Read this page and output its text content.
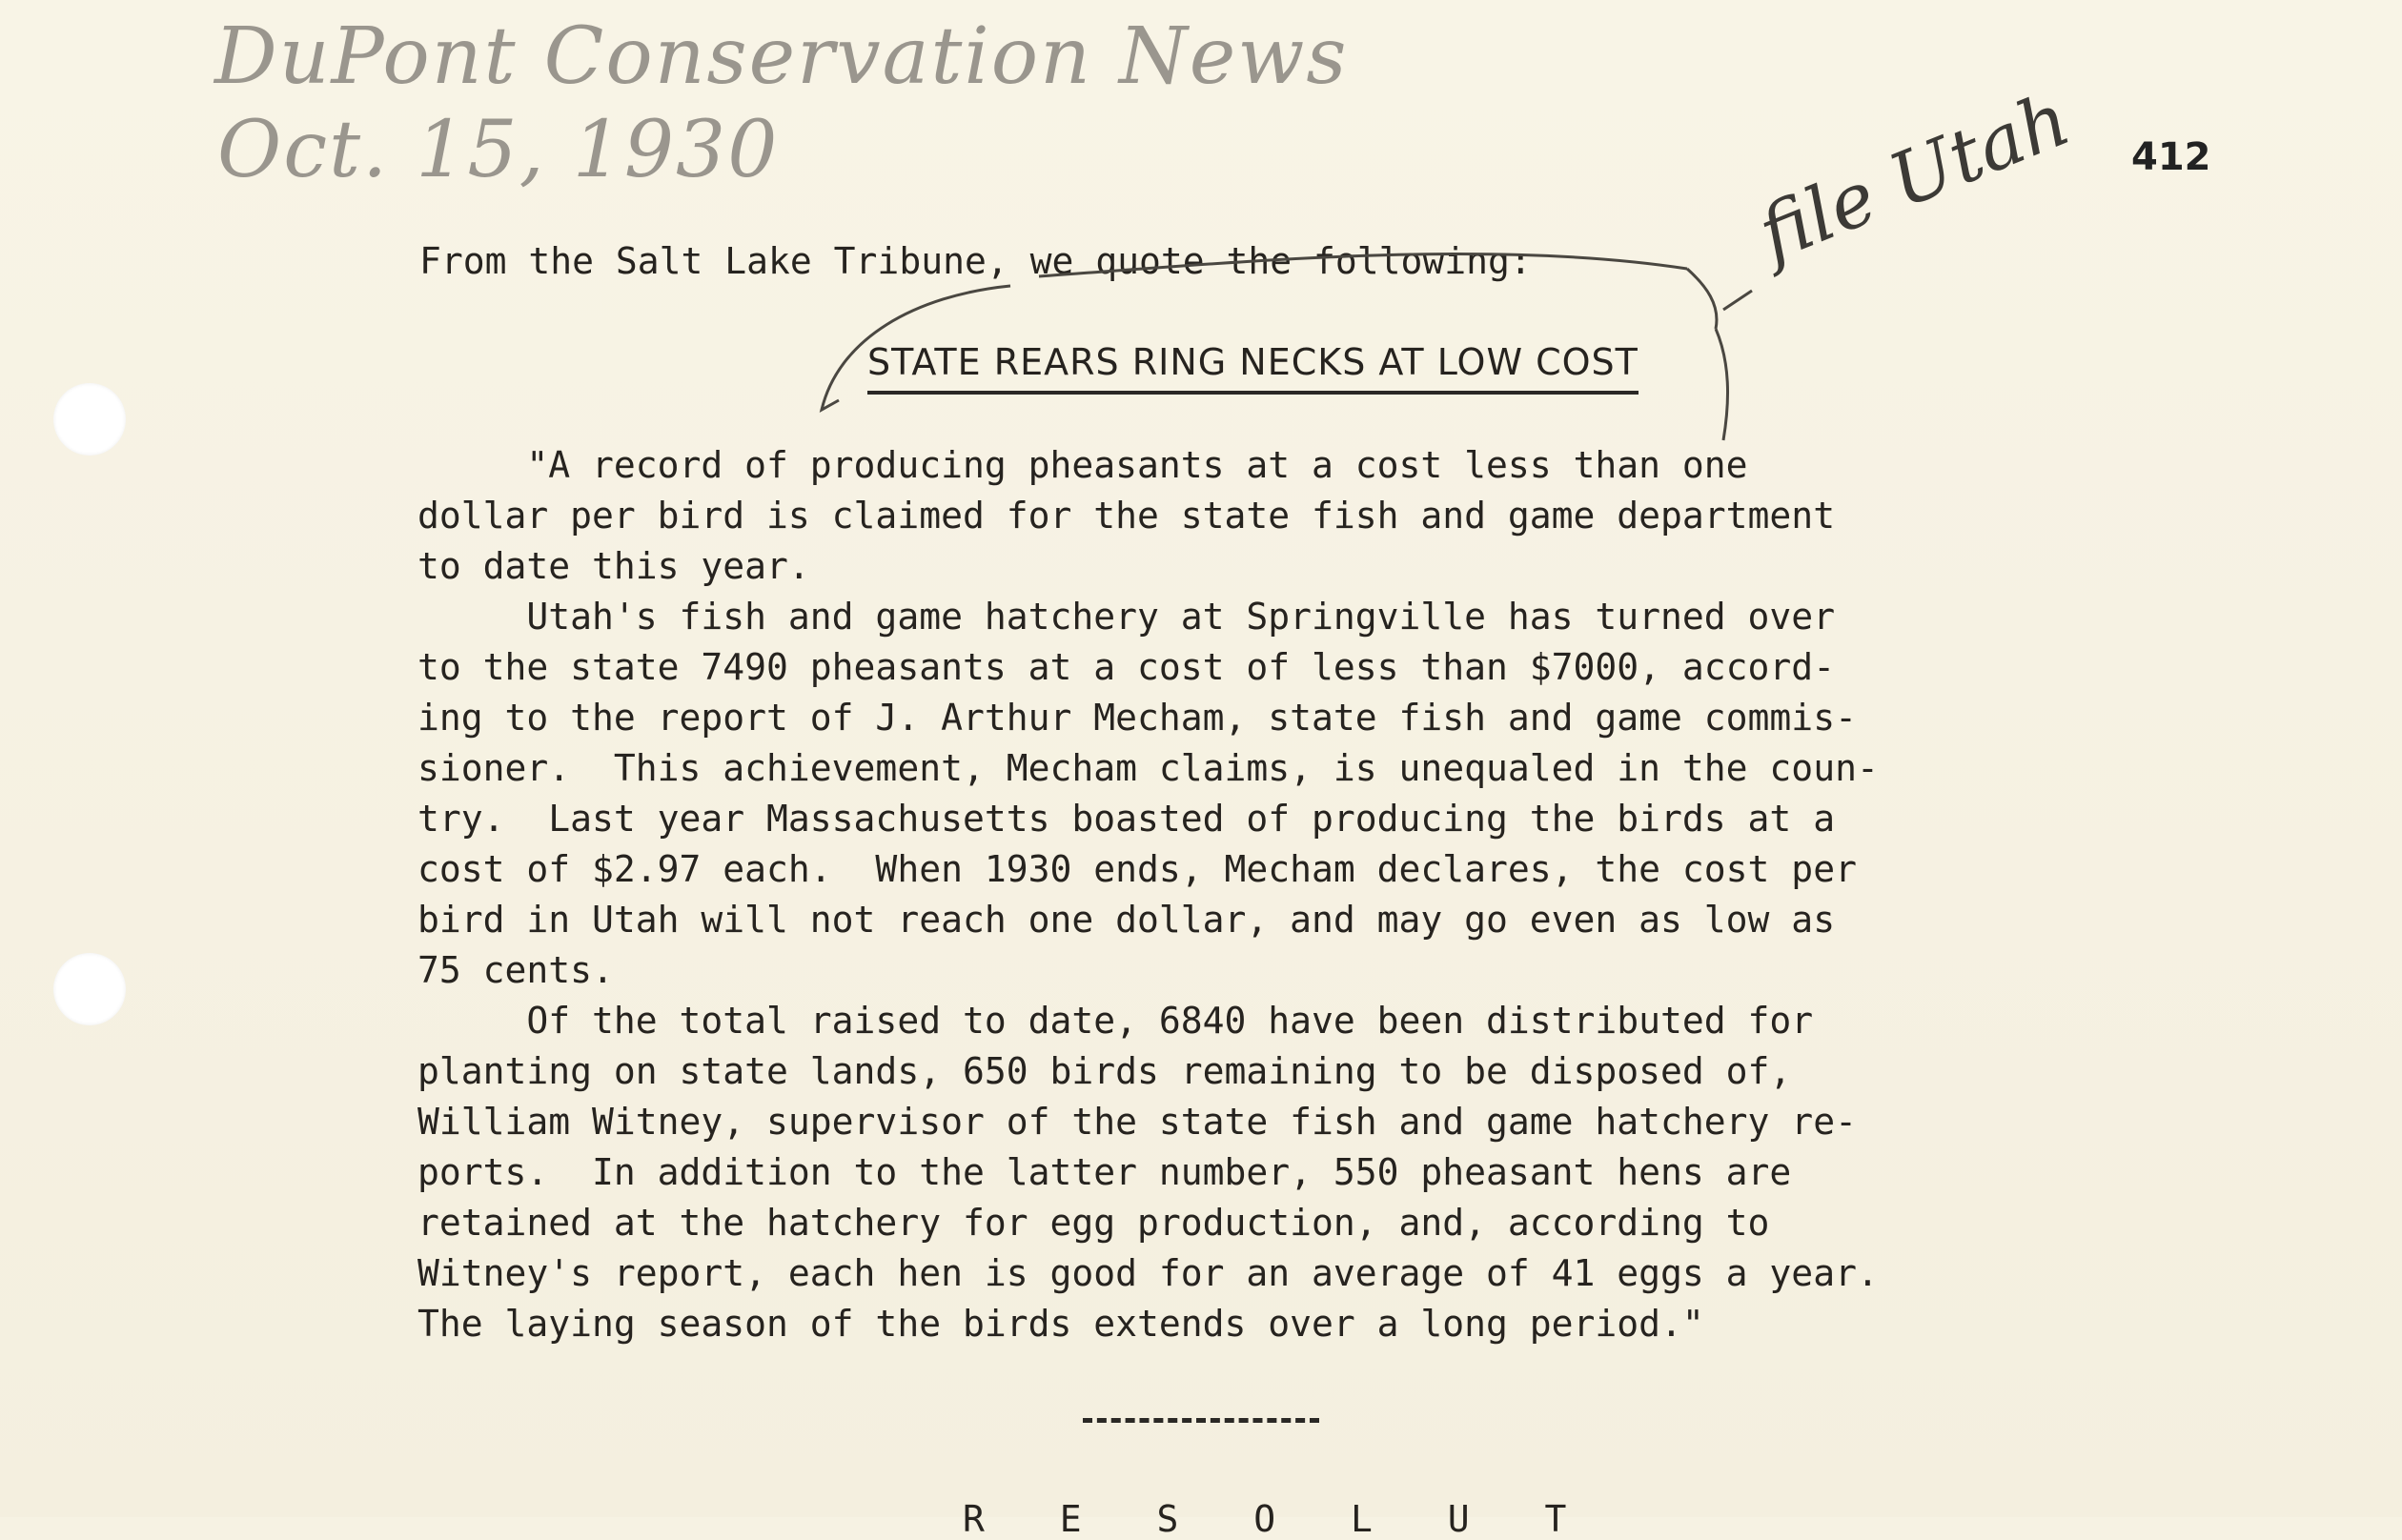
DuPont Conservation News
Oct. 15, 1930	412
file Utah
From the Salt Lake Tribune, we quote the following:
STATE REARS RING NECKS AT LOW COST
"A record of producing pheasants at a cost less than one
dollar per bird is claimed for the state fish and game department
to date this year.
Utah's fish and game hatchery at Springville has turned over
to the state 7490 pheasants at a cost of less than $7000, accord-
ing to the report of J. Arthur Mecham, state fish and game commis-
sioner.  This achievement, Mecham claims, is unequaled in the coun-
try.  Last year Massachusetts boasted of producing the birds at a
cost of $2.97 each.  When 1930 ends, Mecham declares, the cost per
bird in Utah will not reach one dollar, and may go even as low as
75 cents.
Of the total raised to date, 6840 have been distributed for
planting on state lands, 650 birds remaining to be disposed of,
William Witney, supervisor of the state fish and game hatchery re-
ports.  In addition to the latter number, 550 pheasant hens are
retained at the hatchery for egg production, and, according to
Witney's report, each hen is good for an average of 41 eggs a year.
The laying season of the birds extends over a long period."
R E S O L U T
